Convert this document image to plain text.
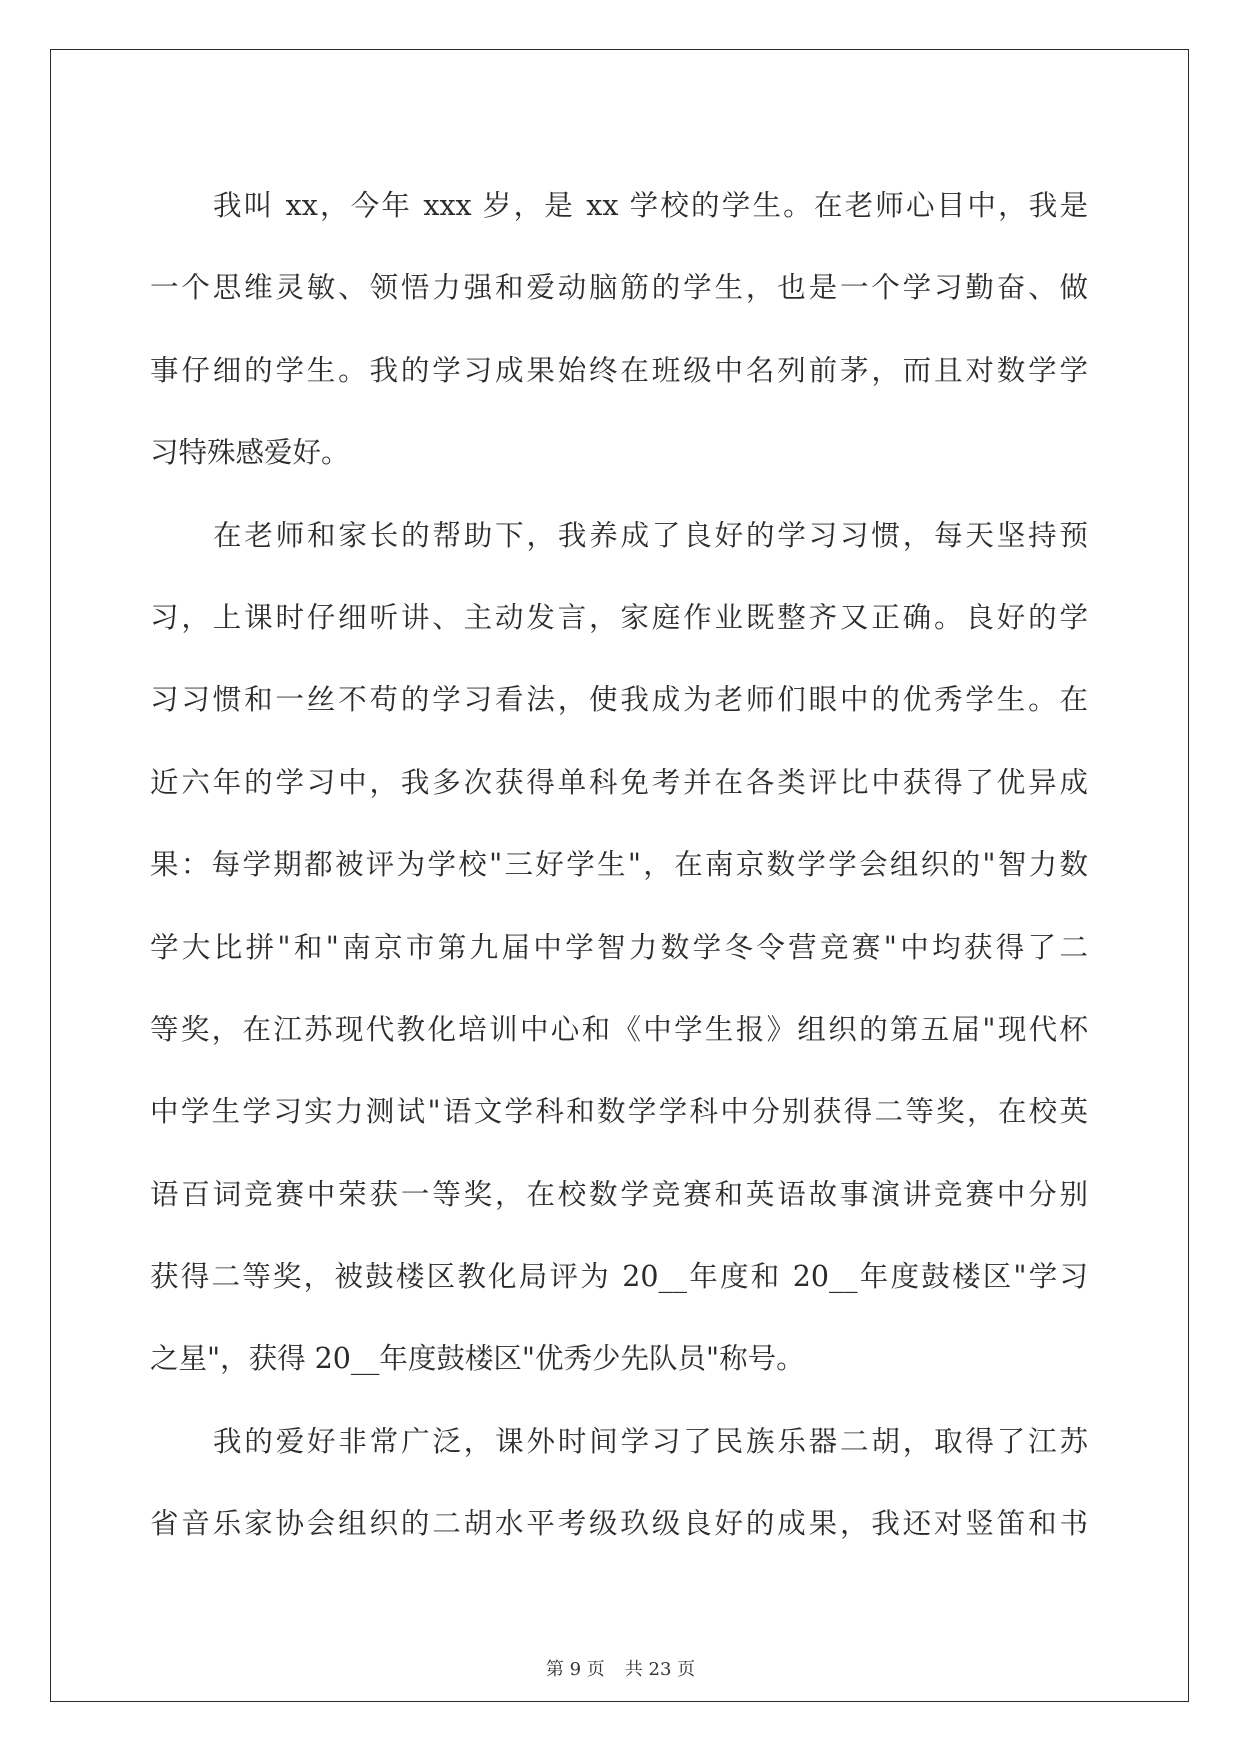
我叫 xx，今年 xxx 岁，是 xx 学校的学生。在老师心目中，我是
一个思维灵敏、领悟力强和爱动脑筋的学生，也是一个学习勤奋、做
事仔细的学生。我的学习成果始终在班级中名列前茅，而且对数学学
习特殊感爱好。
在老师和家长的帮助下，我养成了良好的学习习惯，每天坚持预
习，上课时仔细听讲、主动发言，家庭作业既整齐又正确。良好的学
习习惯和一丝不苟的学习看法，使我成为老师们眼中的优秀学生。在
近六年的学习中，我多次获得单科免考并在各类评比中获得了优异成
果：每学期都被评为学校"三好学生"，在南京数学学会组织的"智力数
学大比拼"和"南京市第九届中学智力数学冬令营竞赛"中均获得了二
等奖，在江苏现代教化培训中心和《中学生报》组织的第五届"现代杯
中学生学习实力测试"语文学科和数学学科中分别获得二等奖，在校英
语百词竞赛中荣获一等奖，在校数学竞赛和英语故事演讲竞赛中分别
获得二等奖，被鼓楼区教化局评为 20__年度和 20__年度鼓楼区"学习
之星"，获得 20__年度鼓楼区"优秀少先队员"称号。
我的爱好非常广泛，课外时间学习了民族乐器二胡，取得了江苏
省音乐家协会组织的二胡水平考级玖级良好的成果，我还对竖笛和书
第 9 页 共 23 页
